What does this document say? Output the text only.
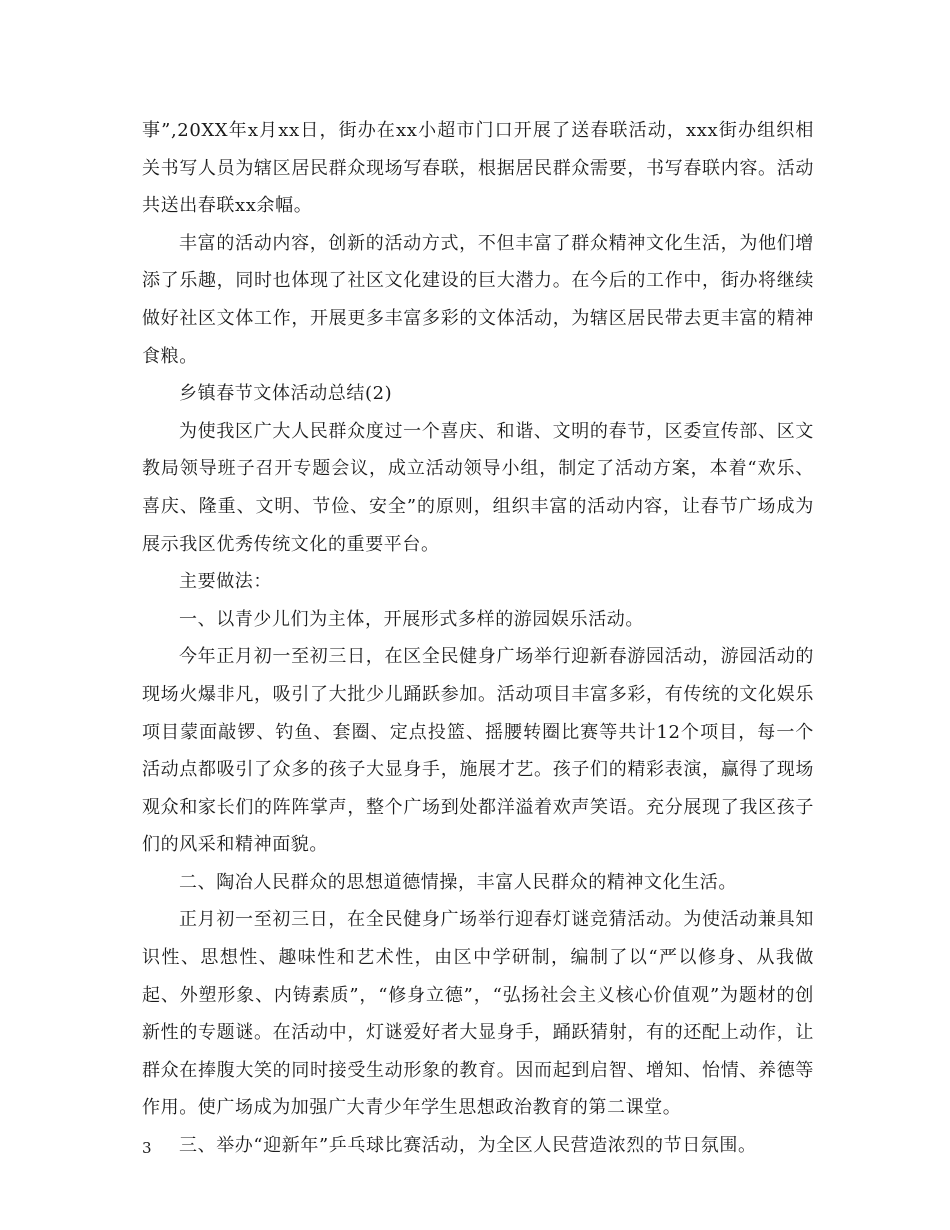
事”,20XX年x月xx日，街办在xx小超市门口开展了送春联活动，xxx街办组织相关书写人员为辖区居民群众现场写春联，根据居民群众需要，书写春联内容。活动共送出春联xx余幅。

丰富的活动内容，创新的活动方式，不但丰富了群众精神文化生活，为他们增添了乐趣，同时也体现了社区文化建设的巨大潜力。在今后的工作中，街办将继续做好社区文体工作，开展更多丰富多彩的文体活动，为辖区居民带去更丰富的精神食粮。

乡镇春节文体活动总结(2)

为使我区广大人民群众度过一个喜庆、和谐、文明的春节，区委宣传部、区文教局领导班子召开专题会议，成立活动领导小组，制定了活动方案，本着“欢乐、喜庆、隆重、文明、节俭、安全”的原则，组织丰富的活动内容，让春节广场成为展示我区优秀传统文化的重要平台。

主要做法：

一、以青少儿们为主体，开展形式多样的游园娱乐活动。

今年正月初一至初三日，在区全民健身广场举行迎新春游园活动，游园活动的现场火爆非凡，吸引了大批少儿踊跃参加。活动项目丰富多彩，有传统的文化娱乐项目蒙面敲锣、钓鱼、套圈、定点投篮、摇腰转圈比赛等共计12个项目，每一个活动点都吸引了众多的孩子大显身手，施展才艺。孩子们的精彩表演，赢得了现场观众和家长们的阵阵掌声，整个广场到处都洋溢着欢声笑语。充分展现了我区孩子们的风采和精神面貌。

二、陶冶人民群众的思想道德情操，丰富人民群众的精神文化生活。

正月初一至初三日，在全民健身广场举行迎春灯谜竞猜活动。为使活动兼具知识性、思想性、趣味性和艺术性，由区中学研制，编制了以“严以修身、从我做起、外塑形象、内铸素质”，“修身立德”，“弘扬社会主义核心价值观”为题材的创新性的专题谜。在活动中，灯谜爱好者大显身手，踊跃猜射，有的还配上动作，让群众在捧腹大笑的同时接受生动形象的教育。因而起到启智、增知、怡情、养德等作用。使广场成为加强广大青少年学生思想政治教育的第二课堂。

三、举办“迎新年”乒乓球比赛活动，为全区人民营造浓烈的节日氛围。

3
